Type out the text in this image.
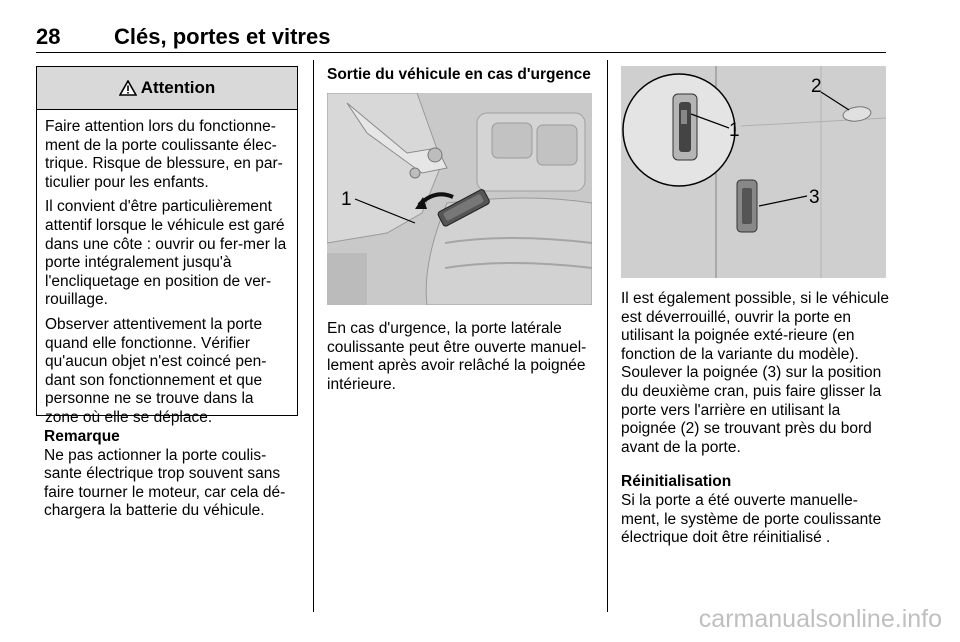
28 Clés, portes et vitres
Attention

Faire attention lors du fonctionne-ment de la porte coulissante élec-trique. Risque de blessure, en par-ticulier pour les enfants.

Il convient d'être particulièrement attentif lorsque le véhicule est garé dans une côte : ouvrir ou fer-mer la porte intégralement jusqu'à l'encliquetage en position de ver-rouillage.

Observer attentivement la porte quand elle fonctionne. Vérifier qu'aucun objet n'est coincé pen-dant son fonctionnement et que personne ne se trouve dans la zone où elle se déplace.

Remarque
Ne pas actionner la porte coulis-sante électrique trop souvent sans faire tourner le moteur, car cela dé-chargera la batterie du véhicule.
Sortie du véhicule en cas d'urgence
1
En cas d'urgence, la porte latérale coulissante peut être ouverte manuel-lement après avoir relâché la poignée intérieure.
2
3
1

Il est également possible, si le véhicule est déverrouillé, ouvrir la porte en utilisant la poignée exté-rieure (en fonction de la variante du modèle). Soulever la poignée (3) sur la position du deuxième cran, puis faire glisser la porte vers l'arrière en utilisant la poignée (2) se trouvant près du bord avant de la porte.

Réinitialisation
Si la porte a été ouverte manuelle-ment, le système de porte coulissante électrique doit être réinitialisé .
carmanualsonline.info
